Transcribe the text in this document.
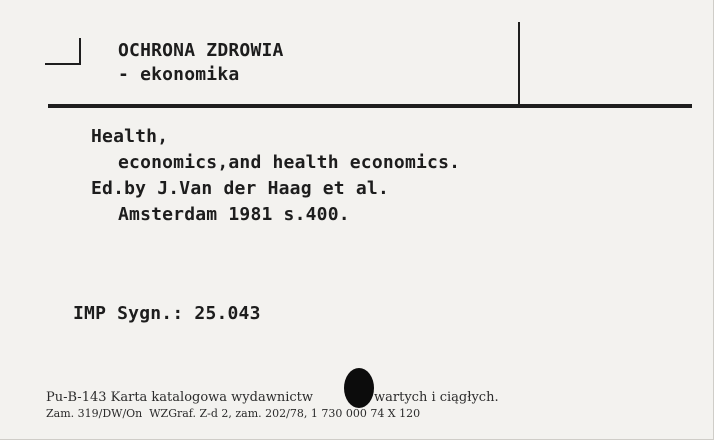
OCHRONA ZDROWIA
- ekonomika
Health,
economics,and health economics.
Ed.by J.Van der Haag et al.
Amsterdam 1981 s.400.
IMP Sygn.: 25.043
Pu-B-143 Karta katalogowa wydawnictw	wartych i ciągłych.
Zam. 319/DW/On  WZGraf. Z-d 2, zam. 202/78, 1 730 000 74 X 120
